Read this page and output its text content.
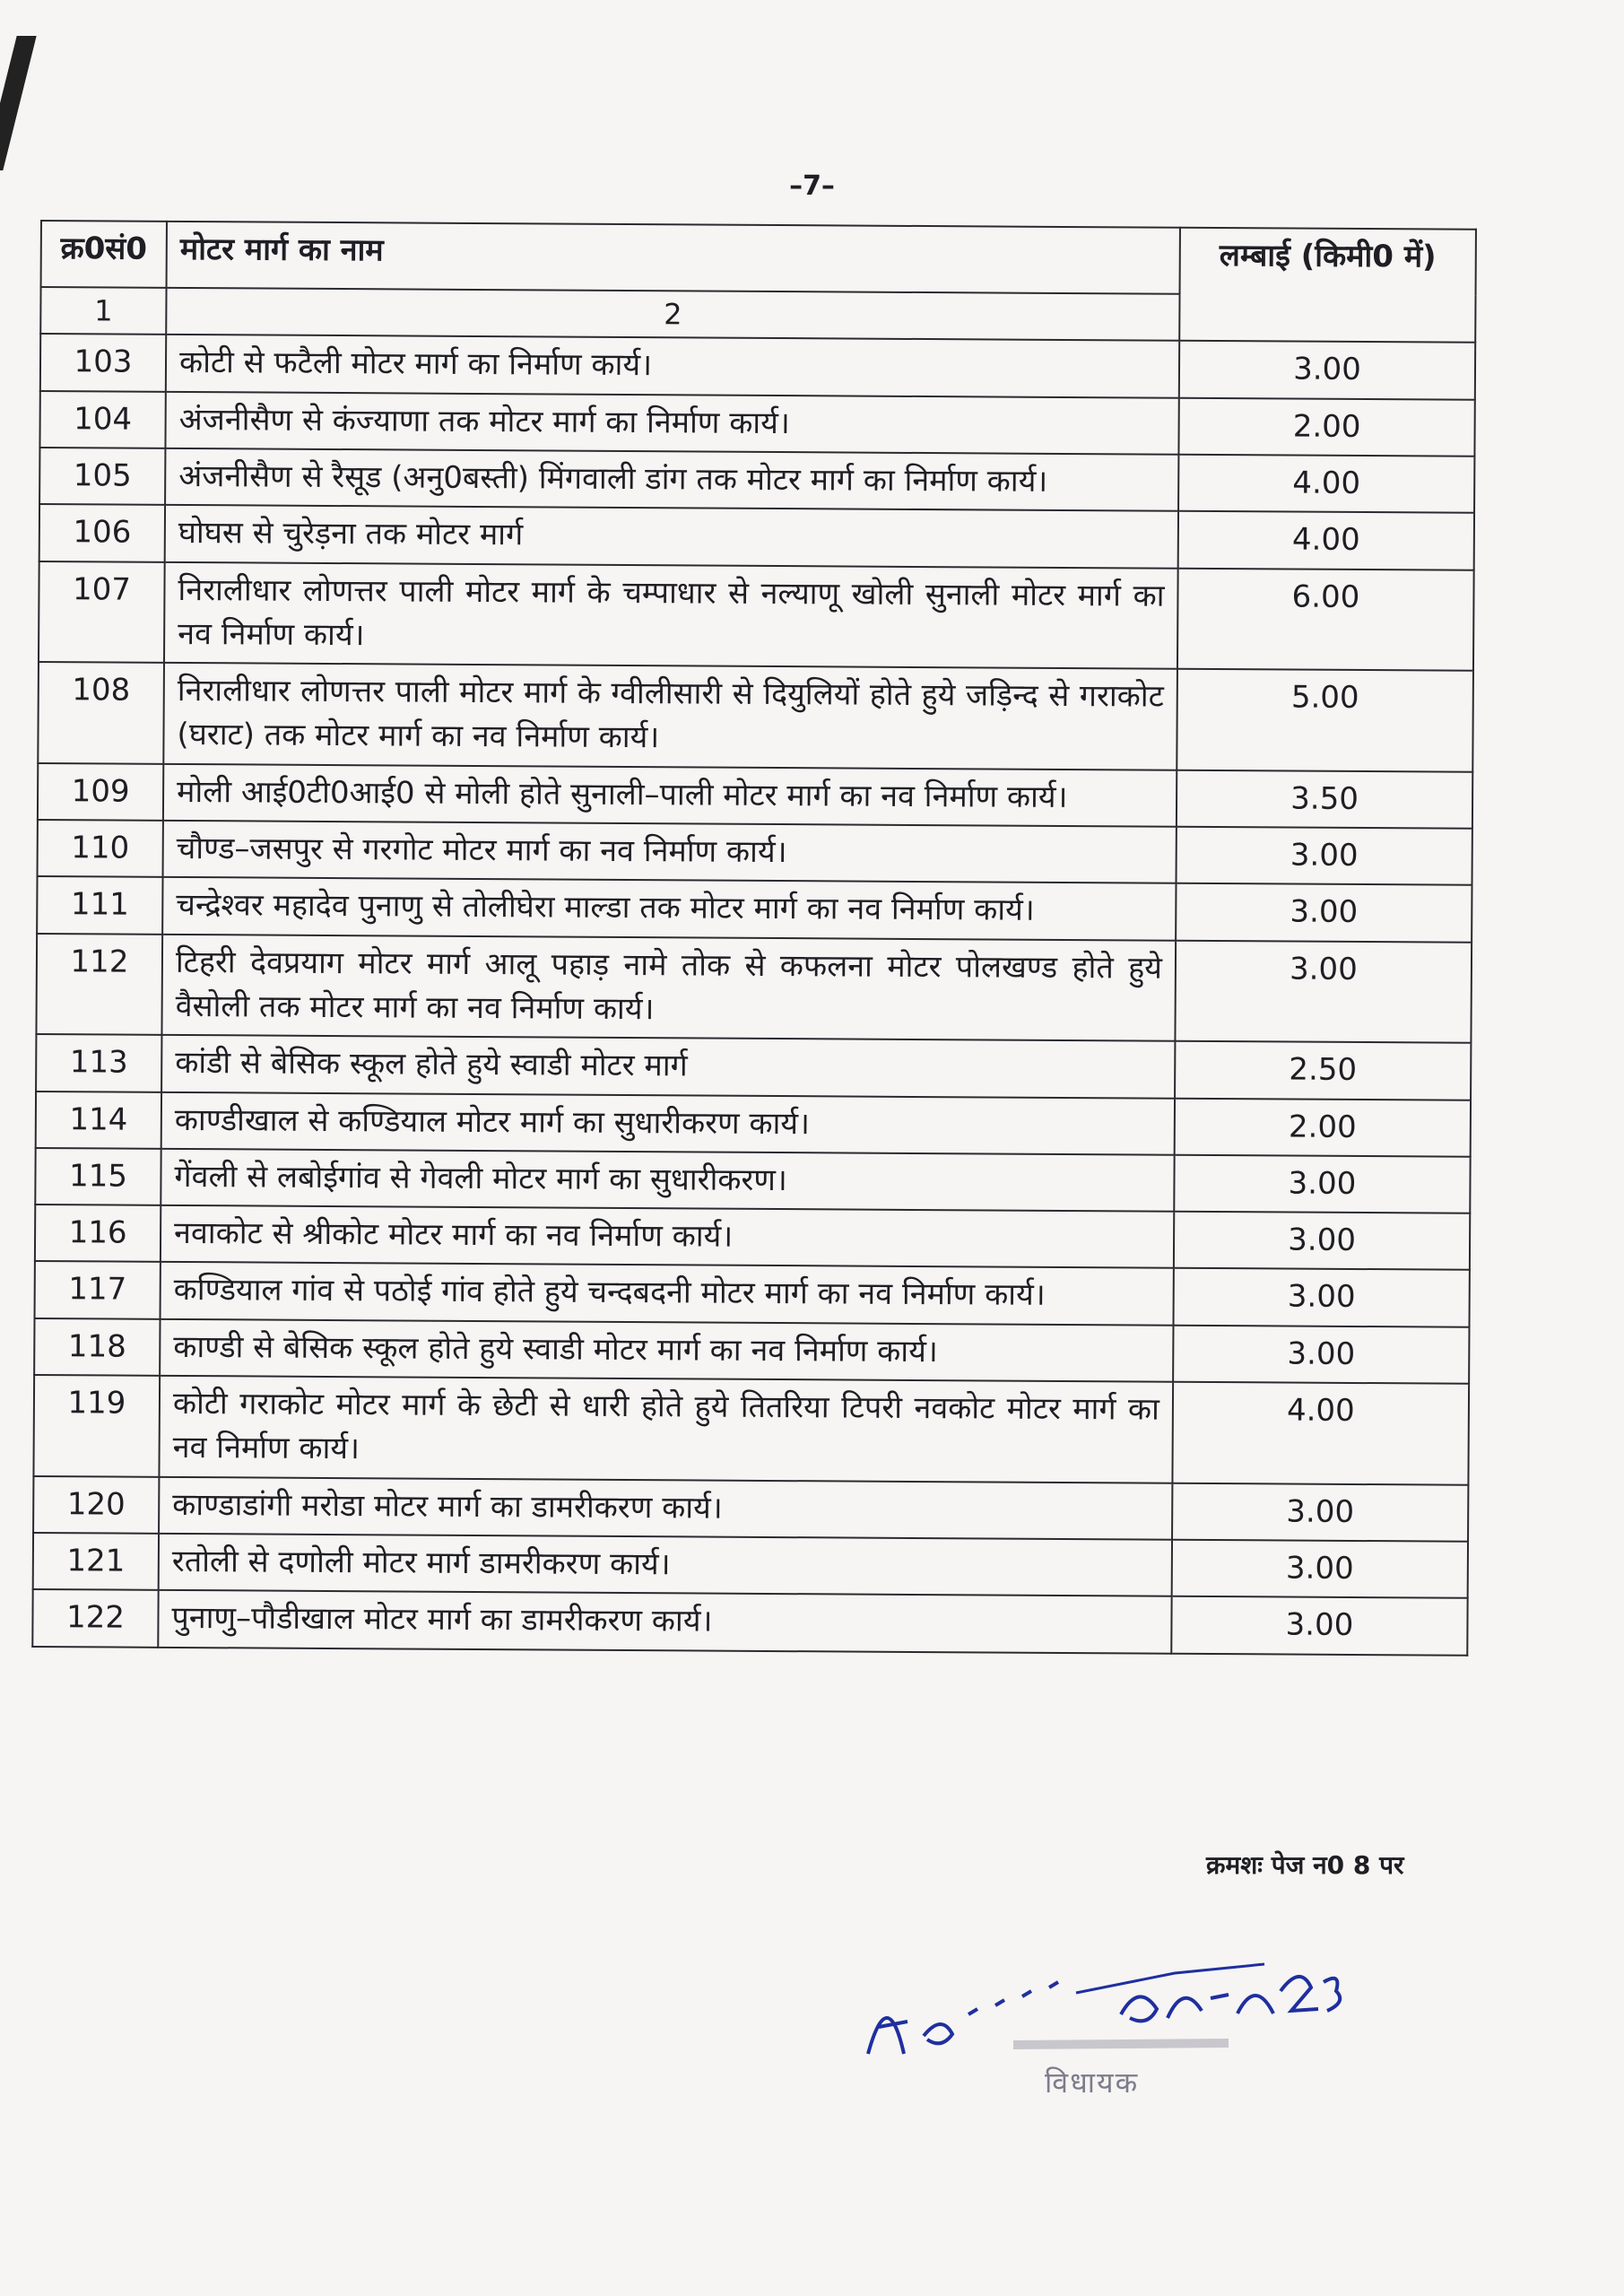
–7–
क्र0सं0	मोटर मार्ग का नाम	लम्बाई (किमी0 में)
1	2	
103	कोटी से फटैली मोटर मार्ग का निर्माण कार्य।	3.00
104	अंजनीसैण से कंज्याणा तक मोटर मार्ग का निर्माण कार्य।	2.00
105	अंजनीसैण से रैसूड (अनु0बस्ती) मिंगवाली डांग तक मोटर मार्ग का निर्माण कार्य।	4.00
106	घोघस से चुरेड़ना तक मोटर मार्ग	4.00
107	निरालीधार लोणत्तर पाली मोटर मार्ग के चम्पाधार से नल्याणू खोली सुनाली मोटर मार्ग का नव निर्माण कार्य।	6.00
108	निरालीधार लोणत्तर पाली मोटर मार्ग के ग्वीलीसारी से दियुलियों होते हुये जड़िन्द से गराकोट (घराट) तक मोटर मार्ग का नव निर्माण कार्य।	5.00
109	मोली आई0टी0आई0 से मोली होते सुनाली–पाली मोटर मार्ग का नव निर्माण कार्य।	3.50
110	चौण्ड–जसपुर से गरगोट मोटर मार्ग का नव निर्माण कार्य।	3.00
111	चन्द्रेश्वर महादेव पुनाणु से तोलीघेरा माल्डा तक मोटर मार्ग का नव निर्माण कार्य।	3.00
112	टिहरी देवप्रयाग मोटर मार्ग आलू पहाड़ नामे तोक से कफलना मोटर पोलखण्ड होते हुये वैसोली तक मोटर मार्ग का नव निर्माण कार्य।	3.00
113	कांडी से बेसिक स्कूल होते हुये स्वाडी मोटर मार्ग	2.50
114	काण्डीखाल से कण्डियाल मोटर मार्ग का सुधारीकरण कार्य।	2.00
115	गेंवली से लबोईगांव से गेवली मोटर मार्ग का सुधारीकरण।	3.00
116	नवाकोट से श्रीकोट मोटर मार्ग का नव निर्माण कार्य।	3.00
117	कण्डियाल गांव से पठोई गांव होते हुये चन्दबदनी मोटर मार्ग का नव निर्माण कार्य।	3.00
118	काण्डी से बेसिक स्कूल होते हुये स्वाडी मोटर मार्ग का नव निर्माण कार्य।	3.00
119	कोटी गराकोट मोटर मार्ग के छेटी से धारी होते हुये तितरिया टिपरी नवकोट मोटर मार्ग का नव निर्माण कार्य।	4.00
120	काण्डाडांगी मरोडा मोटर मार्ग का डामरीकरण कार्य।	3.00
121	रतोली से दणोली मोटर मार्ग डामरीकरण कार्य।	3.00
122	पुनाणु–पौडीखाल मोटर मार्ग का डामरीकरण कार्य।	3.00
क्रमशः पेज न0 8 पर
विधायक
